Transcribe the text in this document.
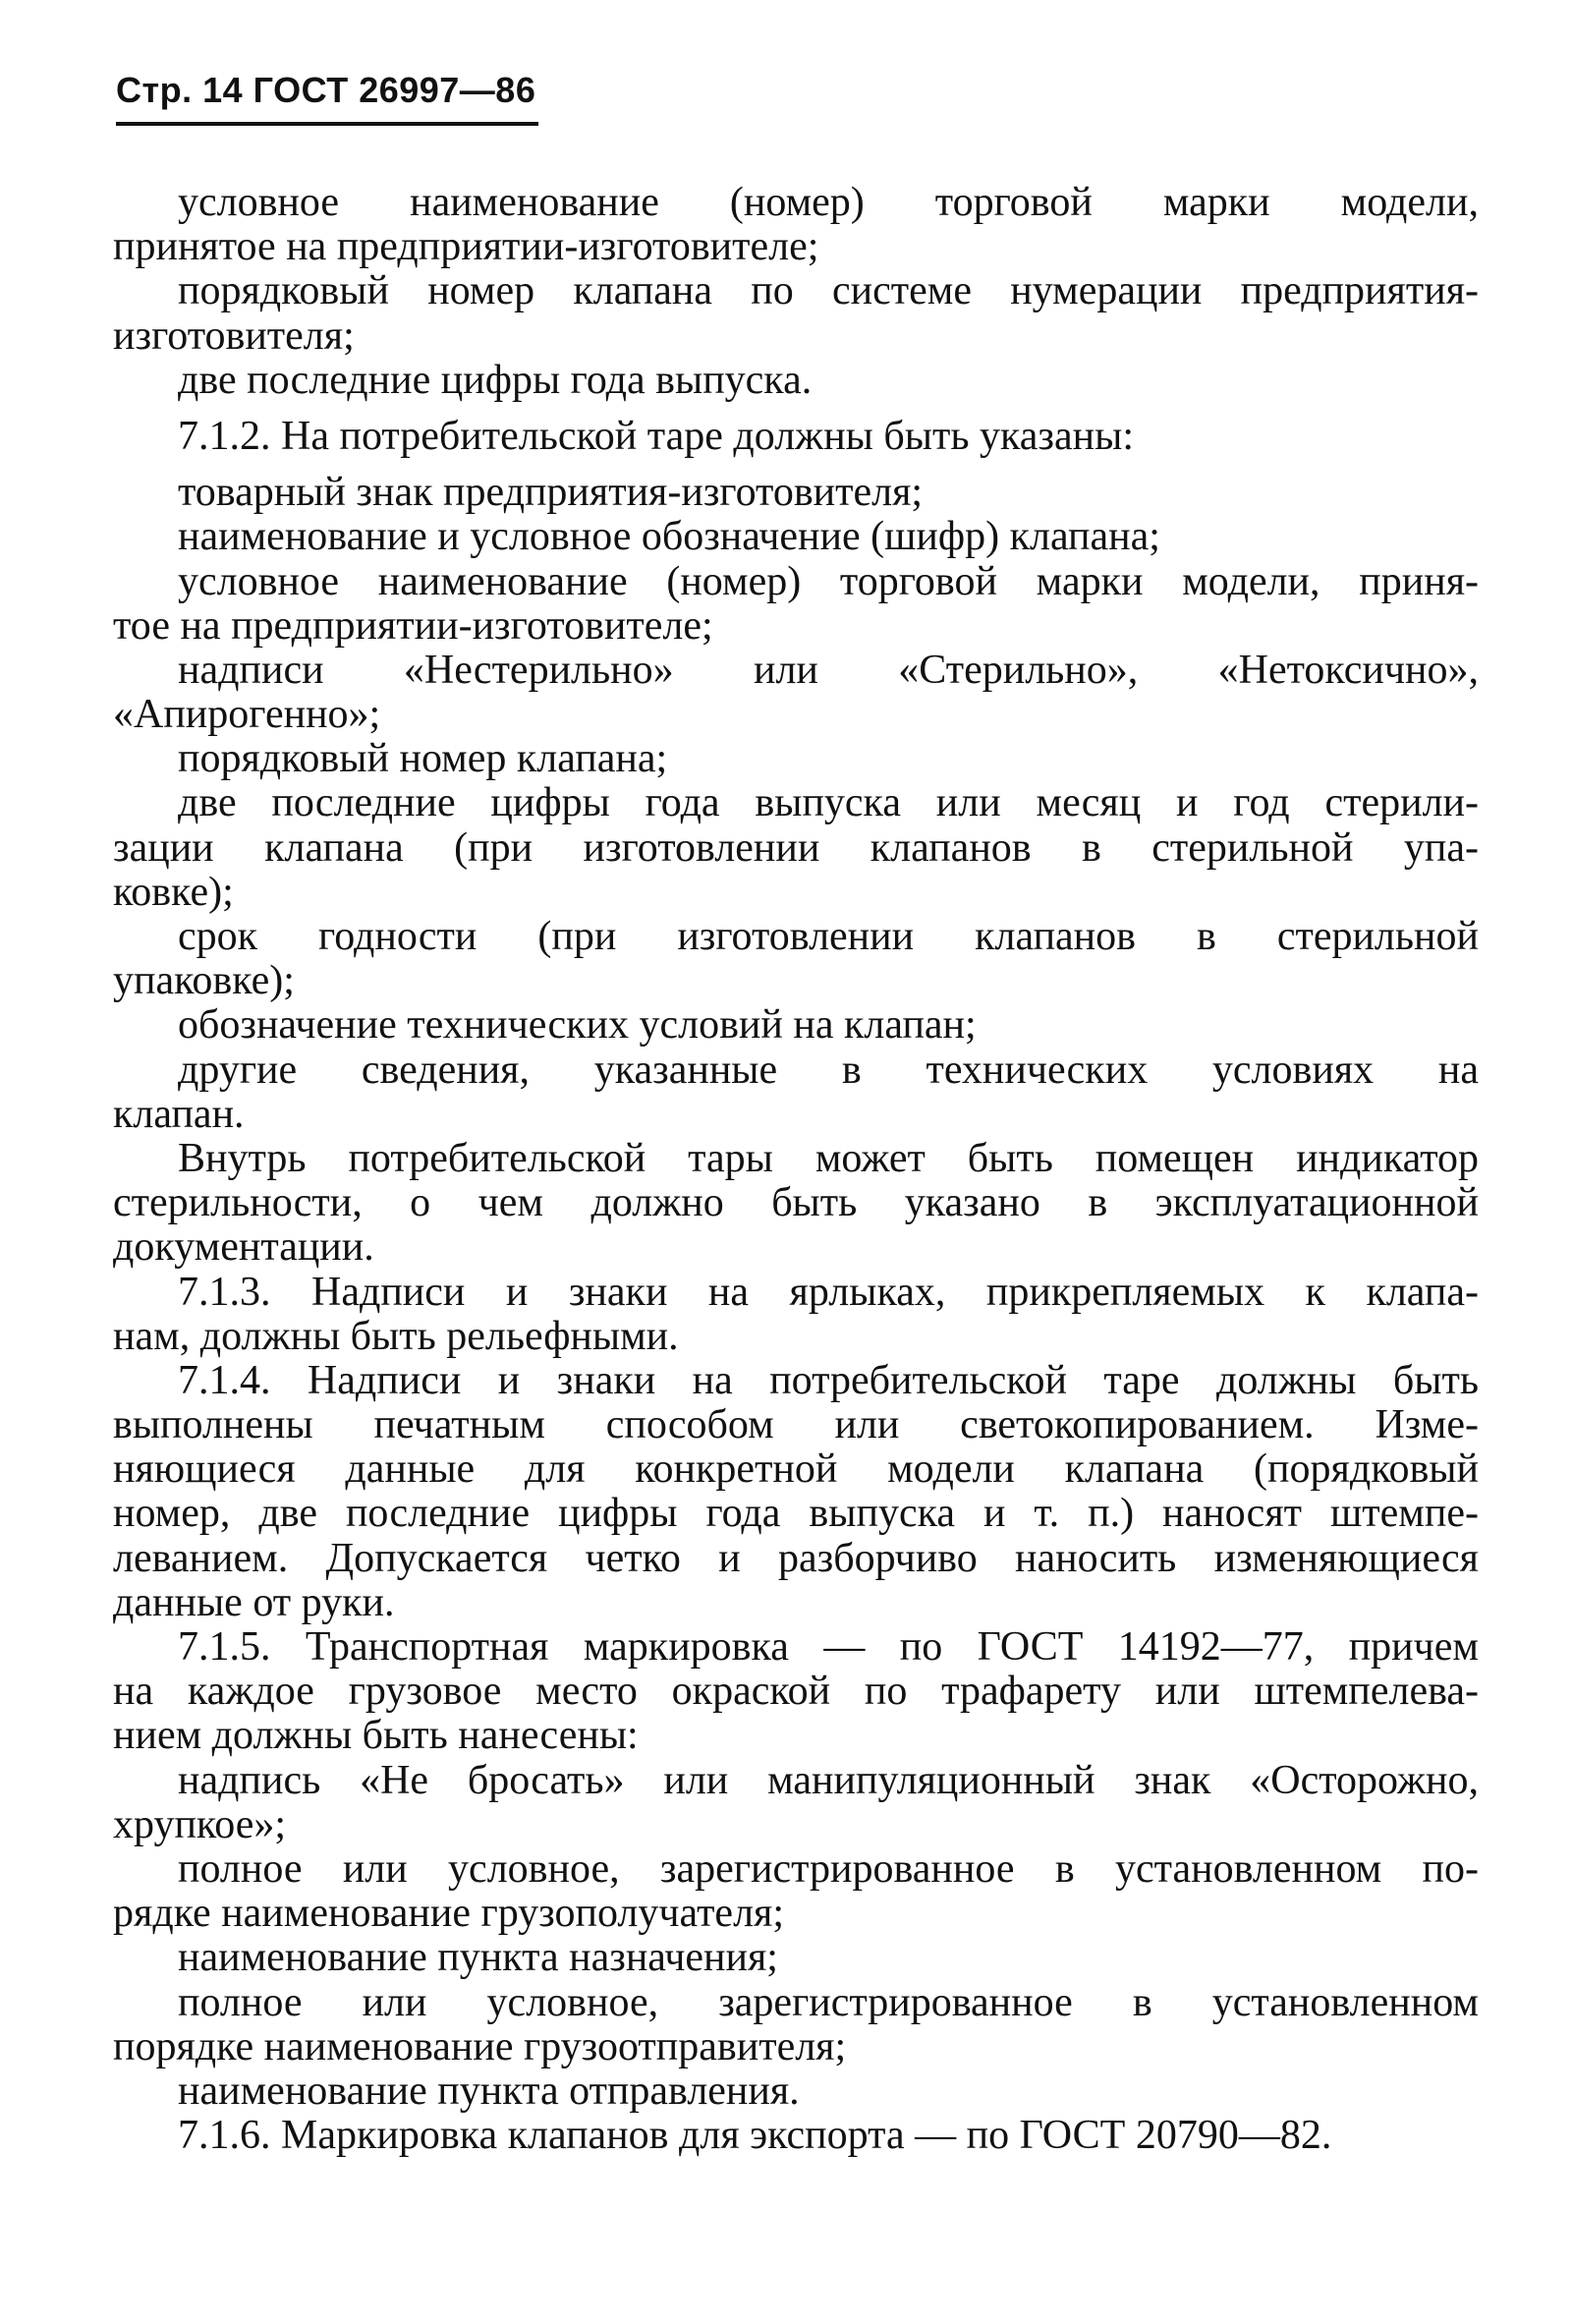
Стр. 14 ГОСТ 26997—86
условное наименование (номер) торговой марки модели,
принятое на предприятии-изготовителе;
порядковый номер клапана по системе нумерации предприятия-
изготовителя;
две последние цифры года выпуска.
7.1.2. На потребительской таре должны быть указаны:
товарный знак предприятия-изготовителя;
наименование и условное обозначение (шифр) клапана;
условное наименование (номер) торговой марки модели, приня-
тое на предприятии-изготовителе;
надписи «Нестерильно» или «Стерильно», «Нетоксично»,
«Апирогенно»;
порядковый номер клапана;
две последние цифры года выпуска или месяц и год стерили-
зации клапана (при изготовлении клапанов в стерильной упа-
ковке);
срок годности (при изготовлении клапанов в стерильной
упаковке);
обозначение технических условий на клапан;
другие сведения, указанные в технических условиях на
клапан.
Внутрь потребительской тары может быть помещен индикатор
стерильности, о чем должно быть указано в эксплуатационной
документации.
7.1.3. Надписи и знаки на ярлыках, прикрепляемых к клапа-
нам, должны быть рельефными.
7.1.4. Надписи и знаки на потребительской таре должны быть
выполнены печатным способом или светокопированием. Изме-
няющиеся данные для конкретной модели клапана (порядковый
номер, две последние цифры года выпуска и т. п.) наносят штемпе-
леванием. Допускается четко и разборчиво наносить изменяющиеся
данные от руки.
7.1.5. Транспортная маркировка — по ГОСТ 14192—77, причем
на каждое грузовое место окраской по трафарету или штемпелева-
нием должны быть нанесены:
надпись «Не бросать» или манипуляционный знак «Осторожно,
хрупкое»;
полное или условное, зарегистрированное в установленном по-
рядке наименование грузополучателя;
наименование пункта назначения;
полное или условное, зарегистрированное в установленном
порядке наименование грузоотправителя;
наименование пункта отправления.
7.1.6. Маркировка клапанов для экспорта — по ГОСТ 20790—82.
